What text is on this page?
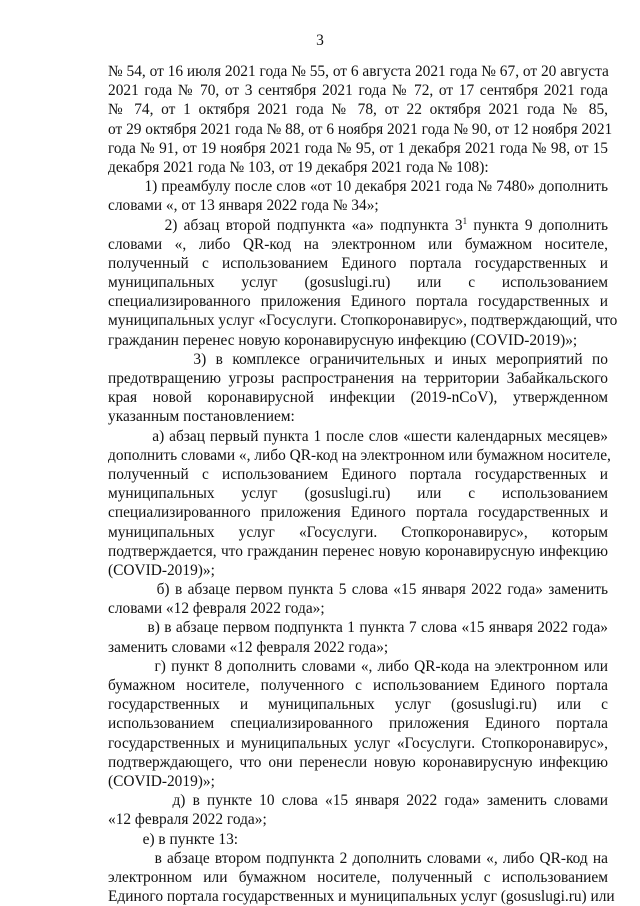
3
№ 54, от 16 июля 2021 года № 55, от 6 августа 2021 года № 67, от 20 августа
2021 года № 70, от 3 сентября 2021 года № 72, от 17 сентября 2021 года
№ 74, от 1 октября 2021 года № 78, от 22 октября 2021 года № 85,
от 29 октября 2021 года № 88, от 6 ноября 2021 года № 90, от 12 ноября 2021
года № 91, от 19 ноября 2021 года № 95, от 1 декабря 2021 года № 98, от 15
декабря 2021 года № 103, от 19 декабря 2021 года № 108):
1) преамбулу после слов «от 10 декабря 2021 года № 7480» дополнить
словами «, от 13 января 2022 года № 34»;
2) абзац второй подпункта «а» подпункта $3^1$ пункта 9 дополнить
словами «, либо QR-код на электронном или бумажном носителе,
полученный с использованием Единого портала государственных и
муниципальных услуг (gosuslugi.ru) или с использованием
специализированного приложения Единого портала государственных и
муниципальных услуг «Госуслуги. Стопкоронавирус», подтверждающий, что
гражданин перенес новую коронавирусную инфекцию (COVID-2019)»;
3) в комплексе ограничительных и иных мероприятий по
предотвращению угрозы распространения на территории Забайкальского
края новой коронавирусной инфекции (2019-nCoV), утвержденном
указанным постановлением:
а) абзац первый пункта 1 после слов «шести календарных месяцев»
дополнить словами «, либо QR-код на электронном или бумажном носителе,
полученный с использованием Единого портала государственных и
муниципальных услуг (gosuslugi.ru) или с использованием
специализированного приложения Единого портала государственных и
муниципальных услуг «Госуслуги. Стопкоронавирус», которым
подтверждается, что гражданин перенес новую коронавирусную инфекцию
(COVID-2019)»;
б) в абзаце первом пункта 5 слова «15 января 2022 года» заменить
словами «12 февраля 2022 года»;
в) в абзаце первом подпункта 1 пункта 7 слова «15 января 2022 года»
заменить словами «12 февраля 2022 года»;
г) пункт 8 дополнить словами «, либо QR-кода на электронном или
бумажном носителе, полученного с использованием Единого портала
государственных и муниципальных услуг (gosuslugi.ru) или с
использованием специализированного приложения Единого портала
государственных и муниципальных услуг «Госуслуги. Стопкоронавирус»,
подтверждающего, что они перенесли новую коронавирусную инфекцию
(COVID-2019)»;
д) в пункте 10 слова «15 января 2022 года» заменить словами
«12 февраля 2022 года»;
е) в пункте 13:
в абзаце втором подпункта 2 дополнить словами «, либо QR-код на
электронном или бумажном носителе, полученный с использованием
Единого портала государственных и муниципальных услуг (gosuslugi.ru) или
